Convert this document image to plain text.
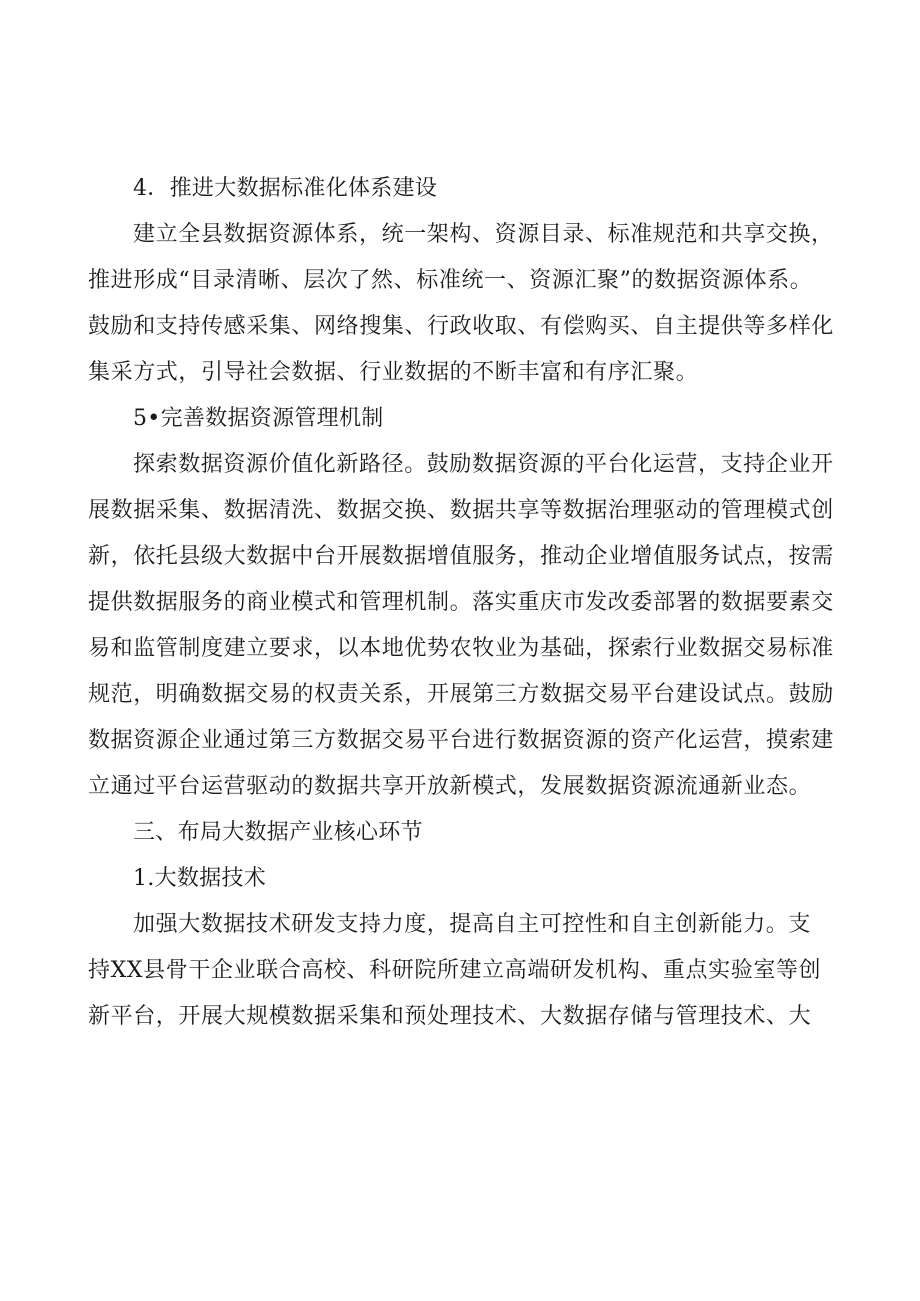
4．推进大数据标准化体系建设
建立全县数据资源体系，统一架构、资源目录、标准规范和共享交换，
推进形成“目录清晰、层次了然、标准统一、资源汇聚”的数据资源体系。
鼓励和支持传感采集、网络搜集、行政收取、有偿购买、自主提供等多样化
集采方式，引导社会数据、行业数据的不断丰富和有序汇聚。
5•完善数据资源管理机制
探索数据资源价值化新路径。鼓励数据资源的平台化运营，支持企业开
展数据采集、数据清洗、数据交换、数据共享等数据治理驱动的管理模式创
新，依托县级大数据中台开展数据增值服务，推动企业增值服务试点，按需
提供数据服务的商业模式和管理机制。落实重庆市发改委部署的数据要素交
易和监管制度建立要求，以本地优势农牧业为基础，探索行业数据交易标准
规范，明确数据交易的权责关系，开展第三方数据交易平台建设试点。鼓励
数据资源企业通过第三方数据交易平台进行数据资源的资产化运营，摸索建
立通过平台运营驱动的数据共享开放新模式，发展数据资源流通新业态。
三、布局大数据产业核心环节
1.大数据技术
加强大数据技术研发支持力度，提高自主可控性和自主创新能力。支
持XX县骨干企业联合高校、科研院所建立高端研发机构、重点实验室等创
新平台，开展大规模数据采集和预处理技术、大数据存储与管理技术、大
